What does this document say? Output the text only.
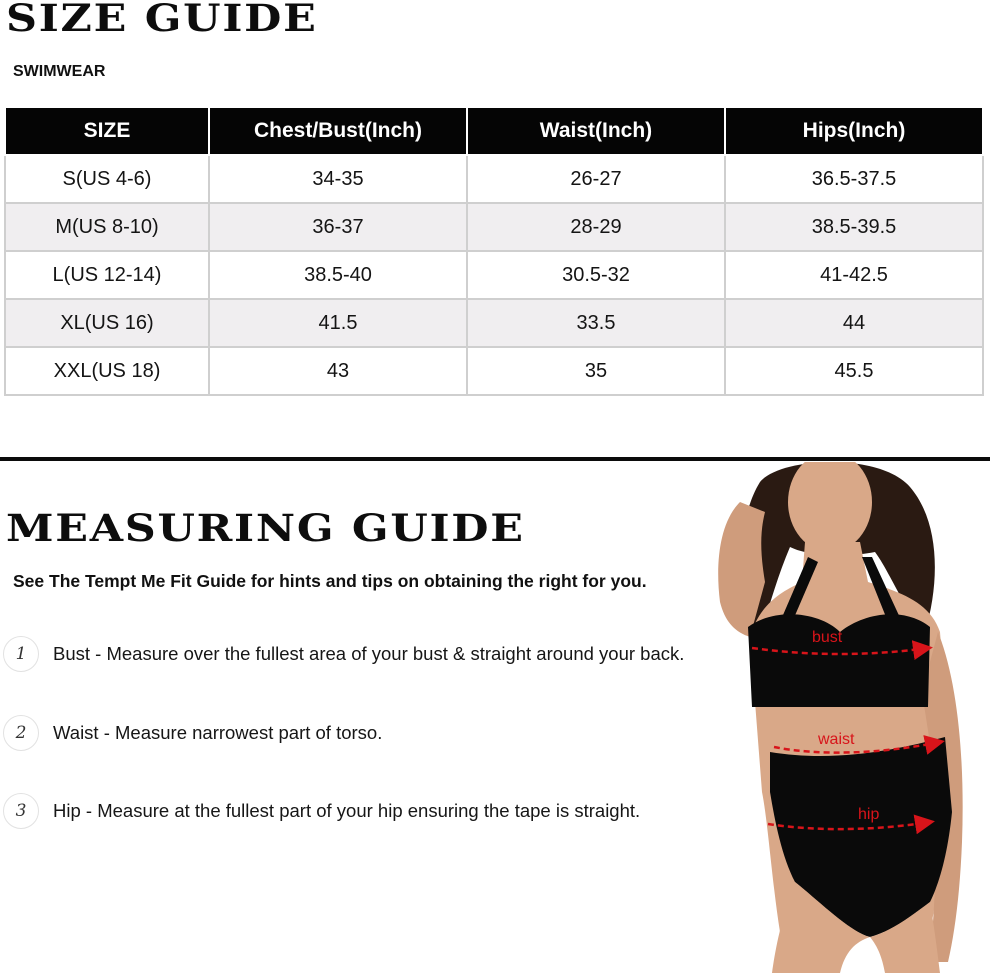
SIZE GUIDE

SWIMWEAR

SIZE	Chest/Bust(Inch)	Waist(Inch)	Hips(Inch)
S(US 4-6)	34-35	26-27	36.5-37.5
M(US 8-10)	36-37	28-29	38.5-39.5
L(US 12-14)	38.5-40	30.5-32	41-42.5
XL(US 16)	41.5	33.5	44
XXL(US 18)	43	35	45.5
MEASURING GUIDE

See The Tempt Me Fit Guide for hints and tips on obtaining the right for you.

1	Bust - Measure over the fullest area of your bust & straight around your back.
2	Waist - Measure narrowest part of torso.
3	Hip - Measure at the fullest part of your hip ensuring the tape is straight.
bust
waist
hip
